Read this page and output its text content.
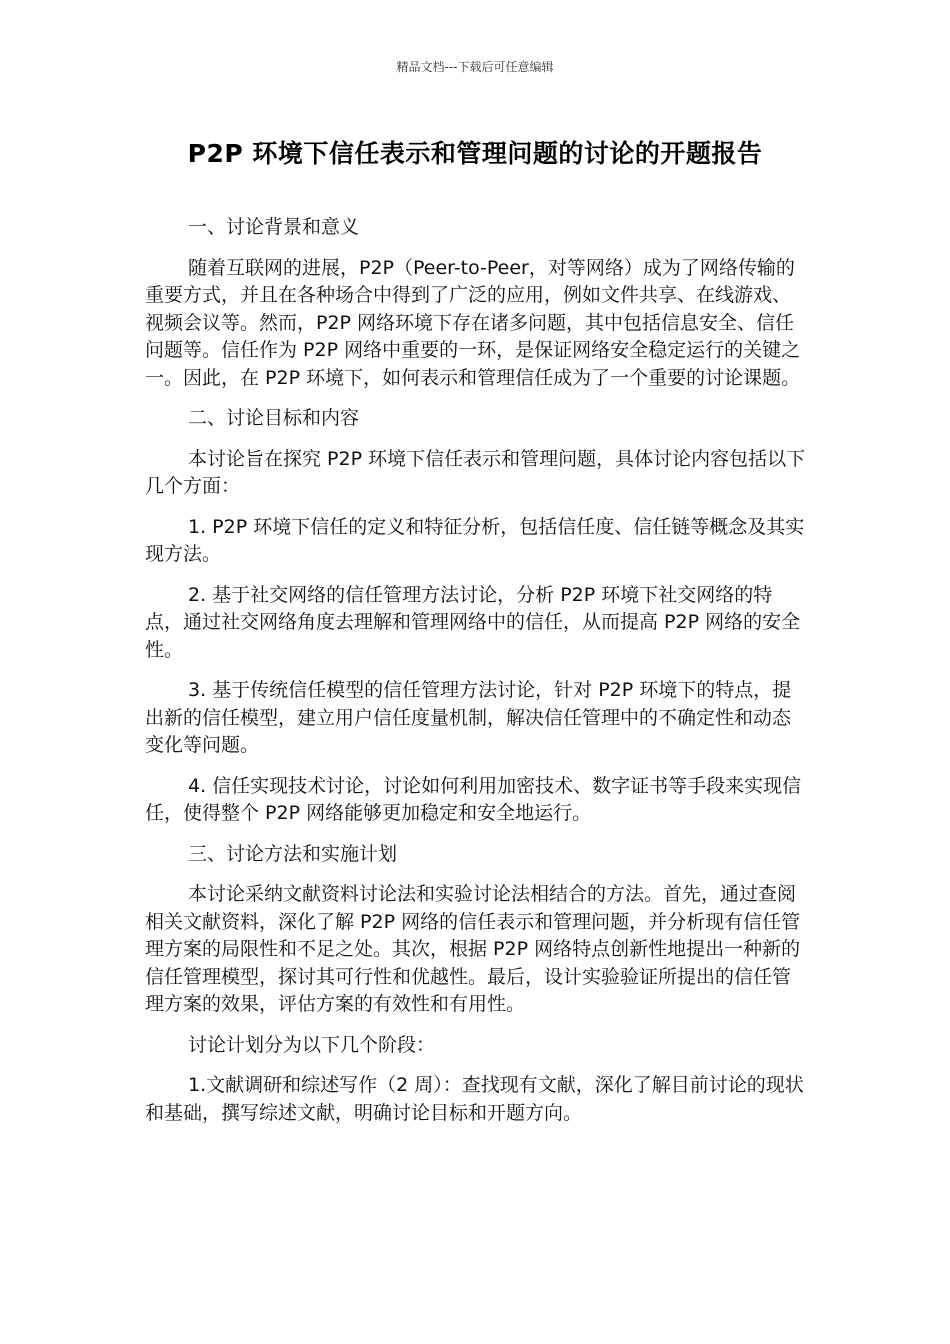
精品文档---下载后可任意编辑
P2P 环境下信任表示和管理问题的讨论的开题报告

一、讨论背景和意义

随着互联网的进展，P2P（Peer-to-Peer，对等网络）成为了网络传输的重要方式，并且在各种场合中得到了广泛的应用，例如文件共享、在线游戏、视频会议等。然而，P2P 网络环境下存在诸多问题，其中包括信息安全、信任问题等。信任作为 P2P 网络中重要的一环，是保证网络安全稳定运行的关键之一。因此，在 P2P 环境下，如何表示和管理信任成为了一个重要的讨论课题。

二、讨论目标和内容

本讨论旨在探究 P2P 环境下信任表示和管理问题，具体讨论内容包括以下几个方面：

1. P2P 环境下信任的定义和特征分析，包括信任度、信任链等概念及其实现方法。

2. 基于社交网络的信任管理方法讨论，分析 P2P 环境下社交网络的特点，通过社交网络角度去理解和管理网络中的信任，从而提高 P2P 网络的安全性。

3. 基于传统信任模型的信任管理方法讨论，针对 P2P 环境下的特点，提出新的信任模型，建立用户信任度量机制，解决信任管理中的不确定性和动态变化等问题。

4. 信任实现技术讨论，讨论如何利用加密技术、数字证书等手段来实现信任，使得整个 P2P 网络能够更加稳定和安全地运行。

三、讨论方法和实施计划

本讨论采纳文献资料讨论法和实验讨论法相结合的方法。首先，通过查阅相关文献资料，深化了解 P2P 网络的信任表示和管理问题，并分析现有信任管理方案的局限性和不足之处。其次，根据 P2P 网络特点创新性地提出一种新的信任管理模型，探讨其可行性和优越性。最后，设计实验验证所提出的信任管理方案的效果，评估方案的有效性和有用性。

讨论计划分为以下几个阶段：

1.文献调研和综述写作（2 周）：查找现有文献，深化了解目前讨论的现状和基础，撰写综述文献，明确讨论目标和开题方向。
